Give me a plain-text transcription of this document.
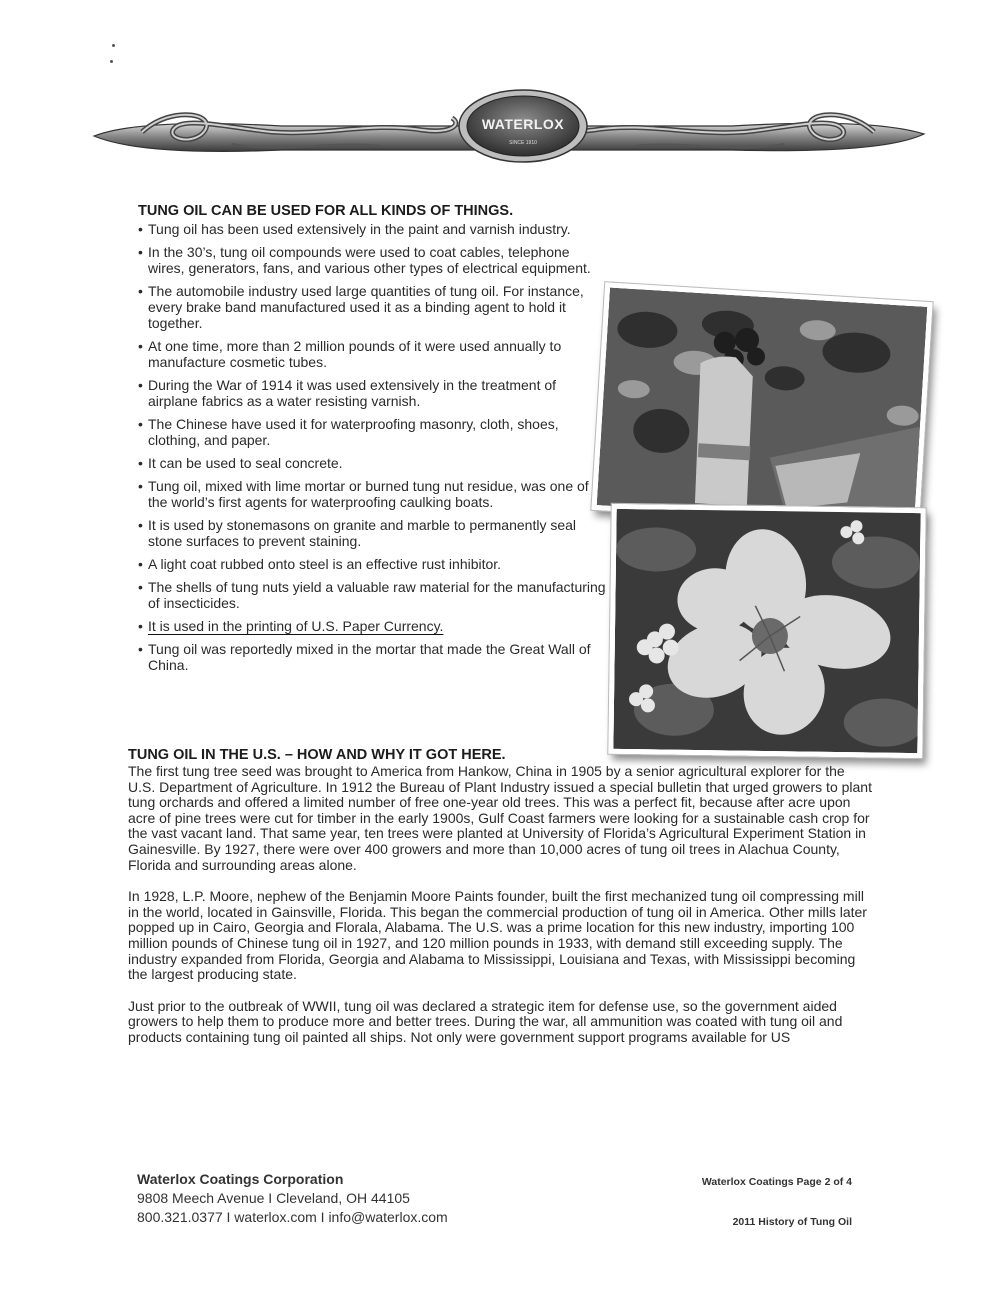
WATERLOX
SINCE 1910
TUNG OIL CAN BE USED FOR ALL KINDS OF THINGS.
• Tung oil has been used extensively in the paint and varnish industry.
• In the 30’s, tung oil compounds were used to coat cables, telephone wires, generators, fans, and various other types of electrical equipment.
• The automobile industry used large quantities of tung oil. For instance, every brake band manufactured used it as a binding agent to hold it together.
• At one time, more than 2 million pounds of it were used annually to manufacture cosmetic tubes.
• During the War of 1914 it was used extensively in the treatment of airplane fabrics as a water resisting varnish.
• The Chinese have used it for waterproofing masonry, cloth, shoes, clothing, and paper.
• It can be used to seal concrete.
• Tung oil, mixed with lime mortar or burned tung nut residue, was one of the world’s first agents for waterproofing caulking boats.
• It is used by stonemasons on granite and marble to permanently seal stone surfaces to prevent staining.
• A light coat rubbed onto steel is an effective rust inhibitor.
• The shells of tung nuts yield a valuable raw material for the manufacturing of insecticides.
• It is used in the printing of U.S. Paper Currency.
• Tung oil was reportedly mixed in the mortar that made the Great Wall of China.
TUNG OIL IN THE U.S. – HOW AND WHY IT GOT HERE.

The first tung tree seed was brought to America from Hankow, China in 1905 by a senior agricultural explorer for the U.S. Department of Agriculture. In 1912 the Bureau of Plant Industry issued a special bulletin that urged growers to plant tung orchards and offered a limited number of free one-year old trees. This was a perfect fit, because after acre upon acre of pine trees were cut for timber in the early 1900s, Gulf Coast farmers were looking for a sustainable cash crop for the vast vacant land. That same year, ten trees were planted at University of Florida’s Agricultural Experiment Station in Gainesville. By 1927, there were over 400 growers and more than 10,000 acres of tung oil trees in Alachua County, Florida and surrounding areas alone.

In 1928, L.P. Moore, nephew of the Benjamin Moore Paints founder, built the first mechanized tung oil compressing mill in the world, located in Gainsville, Florida. This began the commercial production of tung oil in America. Other mills later popped up in Cairo, Georgia and Florala, Alabama. The U.S. was a prime location for this new industry, importing 100 million pounds of Chinese tung oil in 1927, and 120 million pounds in 1933, with demand still exceeding supply. The industry expanded from Florida, Georgia and Alabama to Mississippi, Louisiana and Texas, with Mississippi becoming the largest producing state.

Just prior to the outbreak of WWII, tung oil was declared a strategic item for defense use, so the government aided growers to help them to produce more and better trees. During the war, all ammunition was coated with tung oil and products containing tung oil painted all ships. Not only were government support programs available for US

Waterlox Coatings Corporation
9808 Meech Avenue I Cleveland, OH 44105
800.321.0377 I waterlox.com I info@waterlox.com
Waterlox Coatings Page 2 of 4
2011 History of Tung Oil
